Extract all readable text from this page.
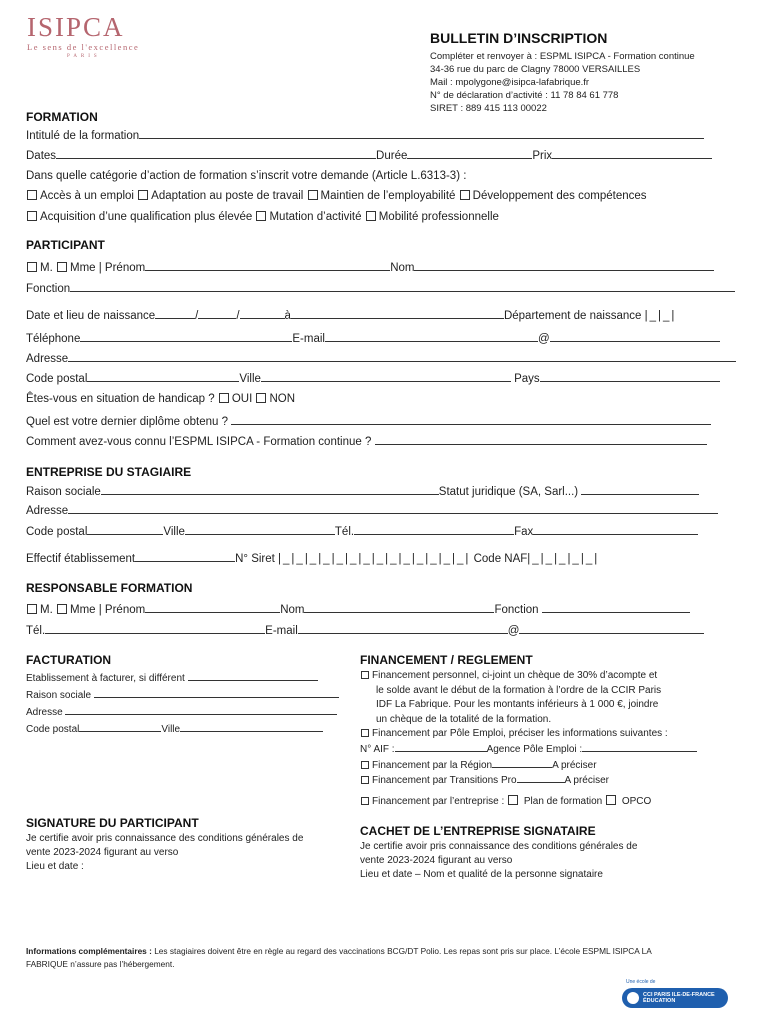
ISIPCA
Le sens de l'excellence
PARIS
BULLETIN D’INSCRIPTION
Compléter et renvoyer à : ESPML ISIPCA - Formation continue
34-36 rue du parc de Clagny 78000 VERSAILLES
Mail : mpolygone@isipca-lafabrique.fr
N° de déclaration d’activité : 11 78 84 61 778
SIRET : 889 415 113 00022
FORMATION
Intitulé de la formation
Dates	Durée	Prix
Dans quelle catégorie d’action de formation s’inscrit votre demande (Article L.6313-3) :
Accès à un emploi Adaptation au poste de travail Maintien de l’employabilité Développement des compétences
Acquisition d’une qualification plus élevée Mutation d’activité Mobilité professionnelle
PARTICIPANT
M. Mme | Prénom	Nom
Fonction
Date et lieu de naissance	/	/	à	Département de naissance |_|_|
Téléphone	E-mail	@
Adresse
Code postal	Ville	Pays
Êtes-vous en situation de handicap ? OUI NON
Quel est votre dernier diplôme obtenu ?
Comment avez-vous connu l’ESPML ISIPCA - Formation continue ?
ENTREPRISE DU STAGIAIRE
Raison sociale	Statut juridique (SA, Sarl...)
Adresse
Code postal	Ville	Tél.	Fax
Effectif établissement	N° Siret |_|_|_|_|_|_|_|_|_|_|_|_|_|_| Code NAF|_|_|_|_|_|
RESPONSABLE FORMATION
M. Mme | Prénom	Nom	Fonction
Tél.	E-mail	@
FACTURATION
Etablissement à facturer, si différent
Raison sociale
Adresse
Code postal	Ville
FINANCEMENT / REGLEMENT
Financement personnel, ci-joint un chèque de 30% d’acompte et
le solde avant le début de la formation à l’ordre de la CCIR Paris
IDF La Fabrique. Pour les montants inférieurs à 1 000 €, joindre
un chèque de la totalité de la formation.
Financement par Pôle Emploi, préciser les informations suivantes :
N° AIF :	Agence Pôle Emploi :
Financement par la Région	A préciser
Financement par Transitions Pro	A préciser
Financement par l’entreprise : Plan de formation OPCO
SIGNATURE DU PARTICIPANT
Je certifie avoir pris connaissance des conditions générales de
vente 2023-2024 figurant au verso
Lieu et date :
CACHET DE L’ENTREPRISE SIGNATAIRE
Je certifie avoir pris connaissance des conditions générales de
vente 2023-2024 figurant au verso
Lieu et date – Nom et qualité de la personne signataire
Informations complémentaires : Les stagiaires doivent être en règle au regard des vaccinations BCG/DT Polio. Les repas sont pris sur place. L’école ESPML ISIPCA LA
FABRIQUE n’assure pas l’hébergement.
Une école de
CCI PARIS ILE-DE-FRANCE ÉDUCATION
